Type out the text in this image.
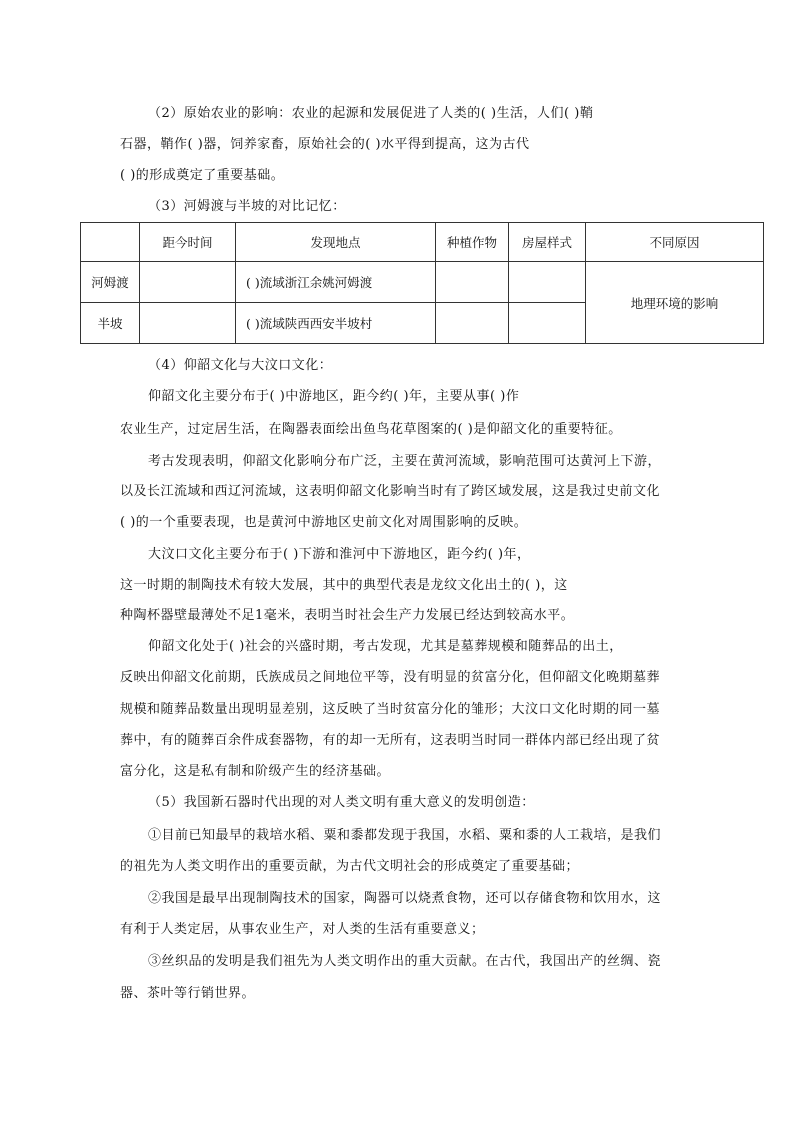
（2）原始农业的影响：农业的起源和发展促进了人类的( )生活，人们( )鞘
石器，鞘作( )器，饲养家畜，原始社会的( )水平得到提高，这为古代
( )的形成奠定了重要基础。
（3）河姆渡与半坡的对比记忆：
	距今时间	发现地点	种植作物	房屋样式	不同原因
河姆渡		( )流域浙江余姚河姆渡			地理环境的影响
半坡		( )流域陕西西安半坡村			
（4）仰韶文化与大汶口文化：
仰韶文化主要分布于( )中游地区，距今约( )年，主要从事( )作
农业生产，过定居生活，在陶器表面绘出鱼鸟花草图案的( )是仰韶文化的重要特征。
考古发现表明，仰韶文化影响分布广泛，主要在黄河流域，影响范围可达黄河上下游，
以及长江流域和西辽河流域，这表明仰韶文化影响当时有了跨区域发展，这是我过史前文化
( )的一个重要表现，也是黄河中游地区史前文化对周围影响的反映。
大汶口文化主要分布于( )下游和淮河中下游地区，距今约( )年，
这一时期的制陶技术有较大发展，其中的典型代表是龙纹文化出土的( )，这
种陶杯器壁最薄处不足1毫米，表明当时社会生产力发展已经达到较高水平。
仰韶文化处于( )社会的兴盛时期，考古发现，尤其是墓葬规模和随葬品的出土，
反映出仰韶文化前期，氏族成员之间地位平等，没有明显的贫富分化，但仰韶文化晚期墓葬
规模和随葬品数量出现明显差别，这反映了当时贫富分化的雏形；大汶口文化时期的同一墓
葬中，有的随葬百余件成套器物，有的却一无所有，这表明当时同一群体内部已经出现了贫
富分化，这是私有制和阶级产生的经济基础。
（5）我国新石器时代出现的对人类文明有重大意义的发明创造：
①目前已知最早的栽培水稻、粟和黍都发现于我国，水稻、粟和黍的人工栽培，是我们
的祖先为人类文明作出的重要贡献，为古代文明社会的形成奠定了重要基础；
②我国是最早出现制陶技术的国家，陶器可以烧煮食物，还可以存储食物和饮用水，这
有利于人类定居，从事农业生产，对人类的生活有重要意义；
③丝织品的发明是我们祖先为人类文明作出的重大贡献。在古代，我国出产的丝绸、瓷
器、茶叶等行销世界。
